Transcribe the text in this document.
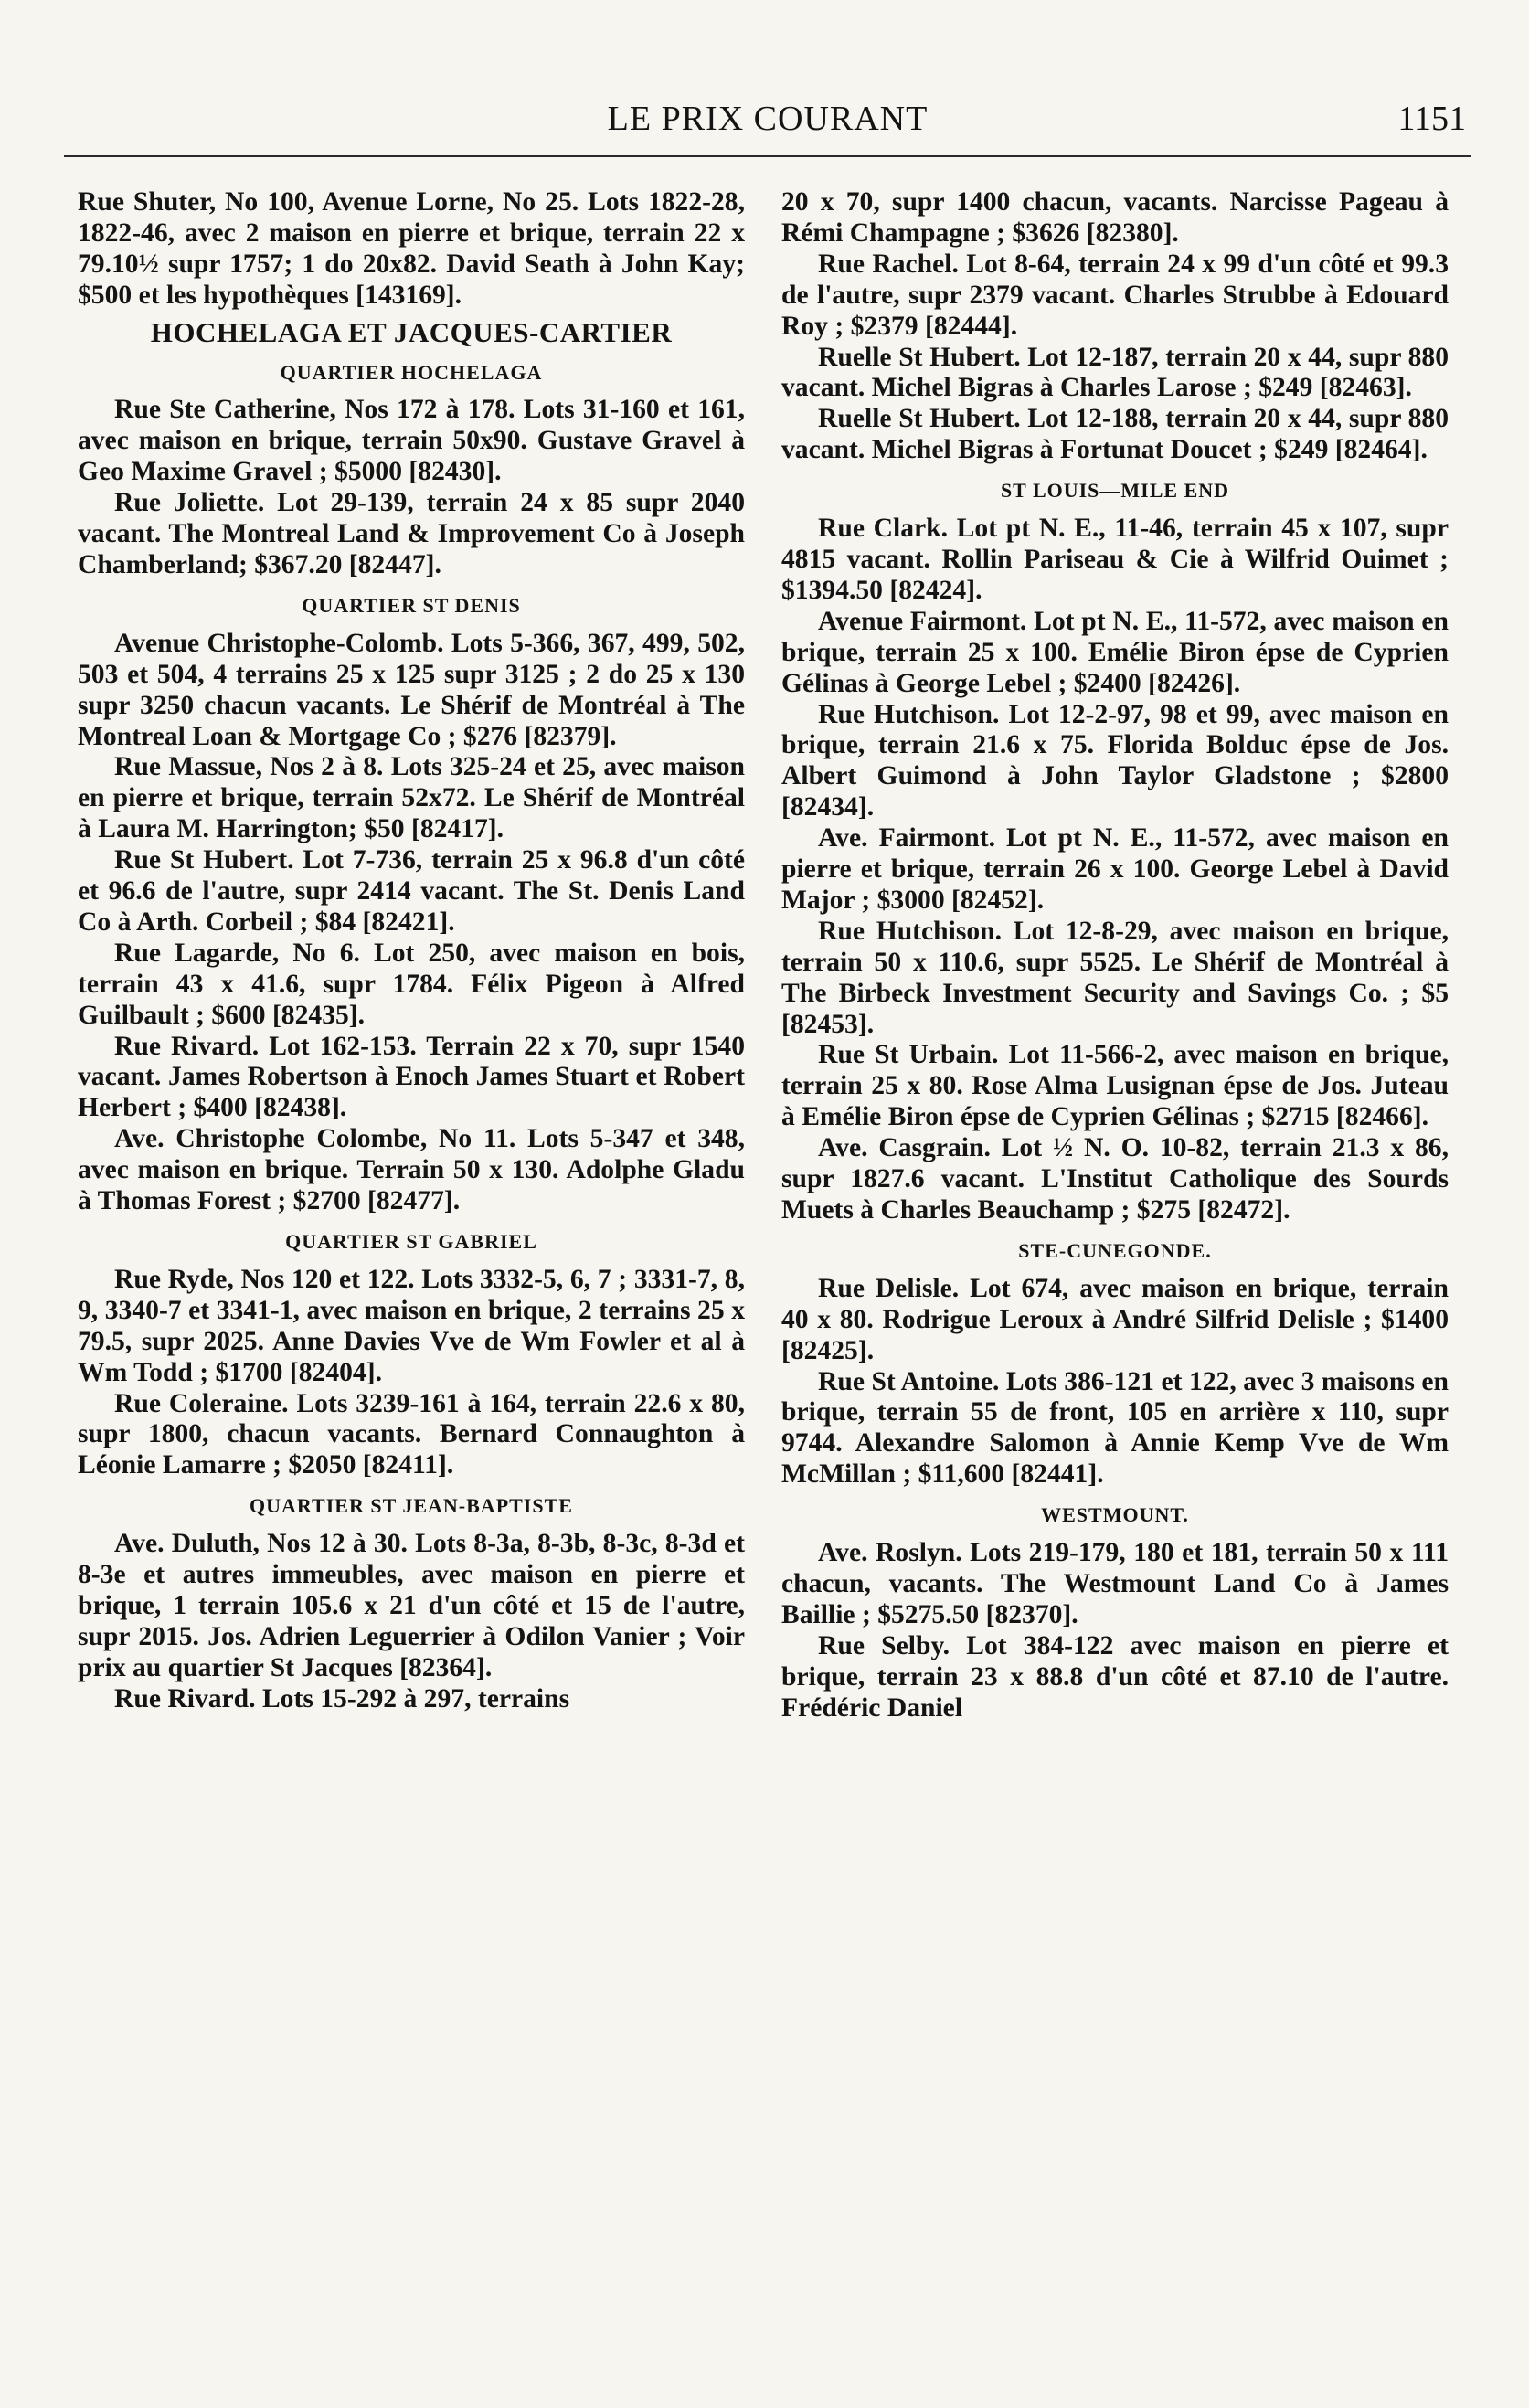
LE PRIX COURANT	1151

Rue Shuter, No 100, Avenue Lorne, No 25. Lots 1822-28, 1822-46, avec 2 maison en pierre et brique, terrain 22 x 79.10½ supr 1757; 1 do 20x82. David Seath à John Kay; $500 et les hypothèques [143169].

HOCHELAGA ET JACQUES-CARTIER
QUARTIER HOCHELAGA

Rue Ste Catherine, Nos 172 à 178. Lots 31-160 et 161, avec maison en brique, terrain 50x90. Gustave Gravel à Geo Maxime Gravel ; $5000 [82430].

Rue Joliette. Lot 29-139, terrain 24 x 85 supr 2040 vacant. The Montreal Land & Improvement Co à Joseph Chamberland; $367.20 [82447].

QUARTIER ST DENIS

Avenue Christophe-Colomb. Lots 5-366, 367, 499, 502, 503 et 504, 4 terrains 25 x 125 supr 3125 ; 2 do 25 x 130 supr 3250 chacun vacants. Le Shérif de Montréal à The Montreal Loan & Mortgage Co ; $276 [82379].

Rue Massue, Nos 2 à 8. Lots 325-24 et 25, avec maison en pierre et brique, terrain 52x72. Le Shérif de Montréal à Laura M. Harrington; $50 [82417].

Rue St Hubert. Lot 7-736, terrain 25 x 96.8 d'un côté et 96.6 de l'autre, supr 2414 vacant. The St. Denis Land Co à Arth. Corbeil ; $84 [82421].

Rue Lagarde, No 6. Lot 250, avec maison en bois, terrain 43 x 41.6, supr 1784. Félix Pigeon à Alfred Guilbault ; $600 [82435].

Rue Rivard. Lot 162-153. Terrain 22 x 70, supr 1540 vacant. James Robertson à Enoch James Stuart et Robert Herbert ; $400 [82438].

Ave. Christophe Colombe, No 11. Lots 5-347 et 348, avec maison en brique. Terrain 50 x 130. Adolphe Gladu à Thomas Forest ; $2700 [82477].

QUARTIER ST GABRIEL

Rue Ryde, Nos 120 et 122. Lots 3332-5, 6, 7 ; 3331-7, 8, 9, 3340-7 et 3341-1, avec maison en brique, 2 terrains 25 x 79.5, supr 2025. Anne Davies Vve de Wm Fowler et al à Wm Todd ; $1700 [82404].

Rue Coleraine. Lots 3239-161 à 164, terrain 22.6 x 80, supr 1800, chacun vacants. Bernard Connaughton à Léonie Lamarre ; $2050 [82411].

QUARTIER ST JEAN-BAPTISTE

Ave. Duluth, Nos 12 à 30. Lots 8-3a, 8-3b, 8-3c, 8-3d et 8-3e et autres immeubles, avec maison en pierre et brique, 1 terrain 105.6 x 21 d'un côté et 15 de l'autre, supr 2015. Jos. Adrien Leguerrier à Odilon Vanier ; Voir prix au quartier St Jacques [82364].

Rue Rivard. Lots 15-292 à 297, terrains

20 x 70, supr 1400 chacun, vacants. Narcisse Pageau à Rémi Champagne ; $3626 [82380].

Rue Rachel. Lot 8-64, terrain 24 x 99 d'un côté et 99.3 de l'autre, supr 2379 vacant. Charles Strubbe à Edouard Roy ; $2379 [82444].

Ruelle St Hubert. Lot 12-187, terrain 20 x 44, supr 880 vacant. Michel Bigras à Charles Larose ; $249 [82463].

Ruelle St Hubert. Lot 12-188, terrain 20 x 44, supr 880 vacant. Michel Bigras à Fortunat Doucet ; $249 [82464].

ST LOUIS—MILE END

Rue Clark. Lot pt N. E., 11-46, terrain 45 x 107, supr 4815 vacant. Rollin Pariseau & Cie à Wilfrid Ouimet ; $1394.50 [82424].

Avenue Fairmont. Lot pt N. E., 11-572, avec maison en brique, terrain 25 x 100. Emélie Biron épse de Cyprien Gélinas à George Lebel ; $2400 [82426].

Rue Hutchison. Lot 12-2-97, 98 et 99, avec maison en brique, terrain 21.6 x 75. Florida Bolduc épse de Jos. Albert Guimond à John Taylor Gladstone ; $2800 [82434].

Ave. Fairmont. Lot pt N. E., 11-572, avec maison en pierre et brique, terrain 26 x 100. George Lebel à David Major ; $3000 [82452].

Rue Hutchison. Lot 12-8-29, avec maison en brique, terrain 50 x 110.6, supr 5525. Le Shérif de Montréal à The Birbeck Investment Security and Savings Co. ; $5 [82453].

Rue St Urbain. Lot 11-566-2, avec maison en brique, terrain 25 x 80. Rose Alma Lusignan épse de Jos. Juteau à Emélie Biron épse de Cyprien Gélinas ; $2715 [82466].

Ave. Casgrain. Lot ½ N. O. 10-82, terrain 21.3 x 86, supr 1827.6 vacant. L'Institut Catholique des Sourds Muets à Charles Beauchamp ; $275 [82472].

STE-CUNEGONDE.

Rue Delisle. Lot 674, avec maison en brique, terrain 40 x 80. Rodrigue Leroux à André Silfrid Delisle ; $1400 [82425].

Rue St Antoine. Lots 386-121 et 122, avec 3 maisons en brique, terrain 55 de front, 105 en arrière x 110, supr 9744. Alexandre Salomon à Annie Kemp Vve de Wm McMillan ; $11,600 [82441].

WESTMOUNT.

Ave. Roslyn. Lots 219-179, 180 et 181, terrain 50 x 111 chacun, vacants. The Westmount Land Co à James Baillie ; $5275.50 [82370].

Rue Selby. Lot 384-122 avec maison en pierre et brique, terrain 23 x 88.8 d'un côté et 87.10 de l'autre. Frédéric Daniel
